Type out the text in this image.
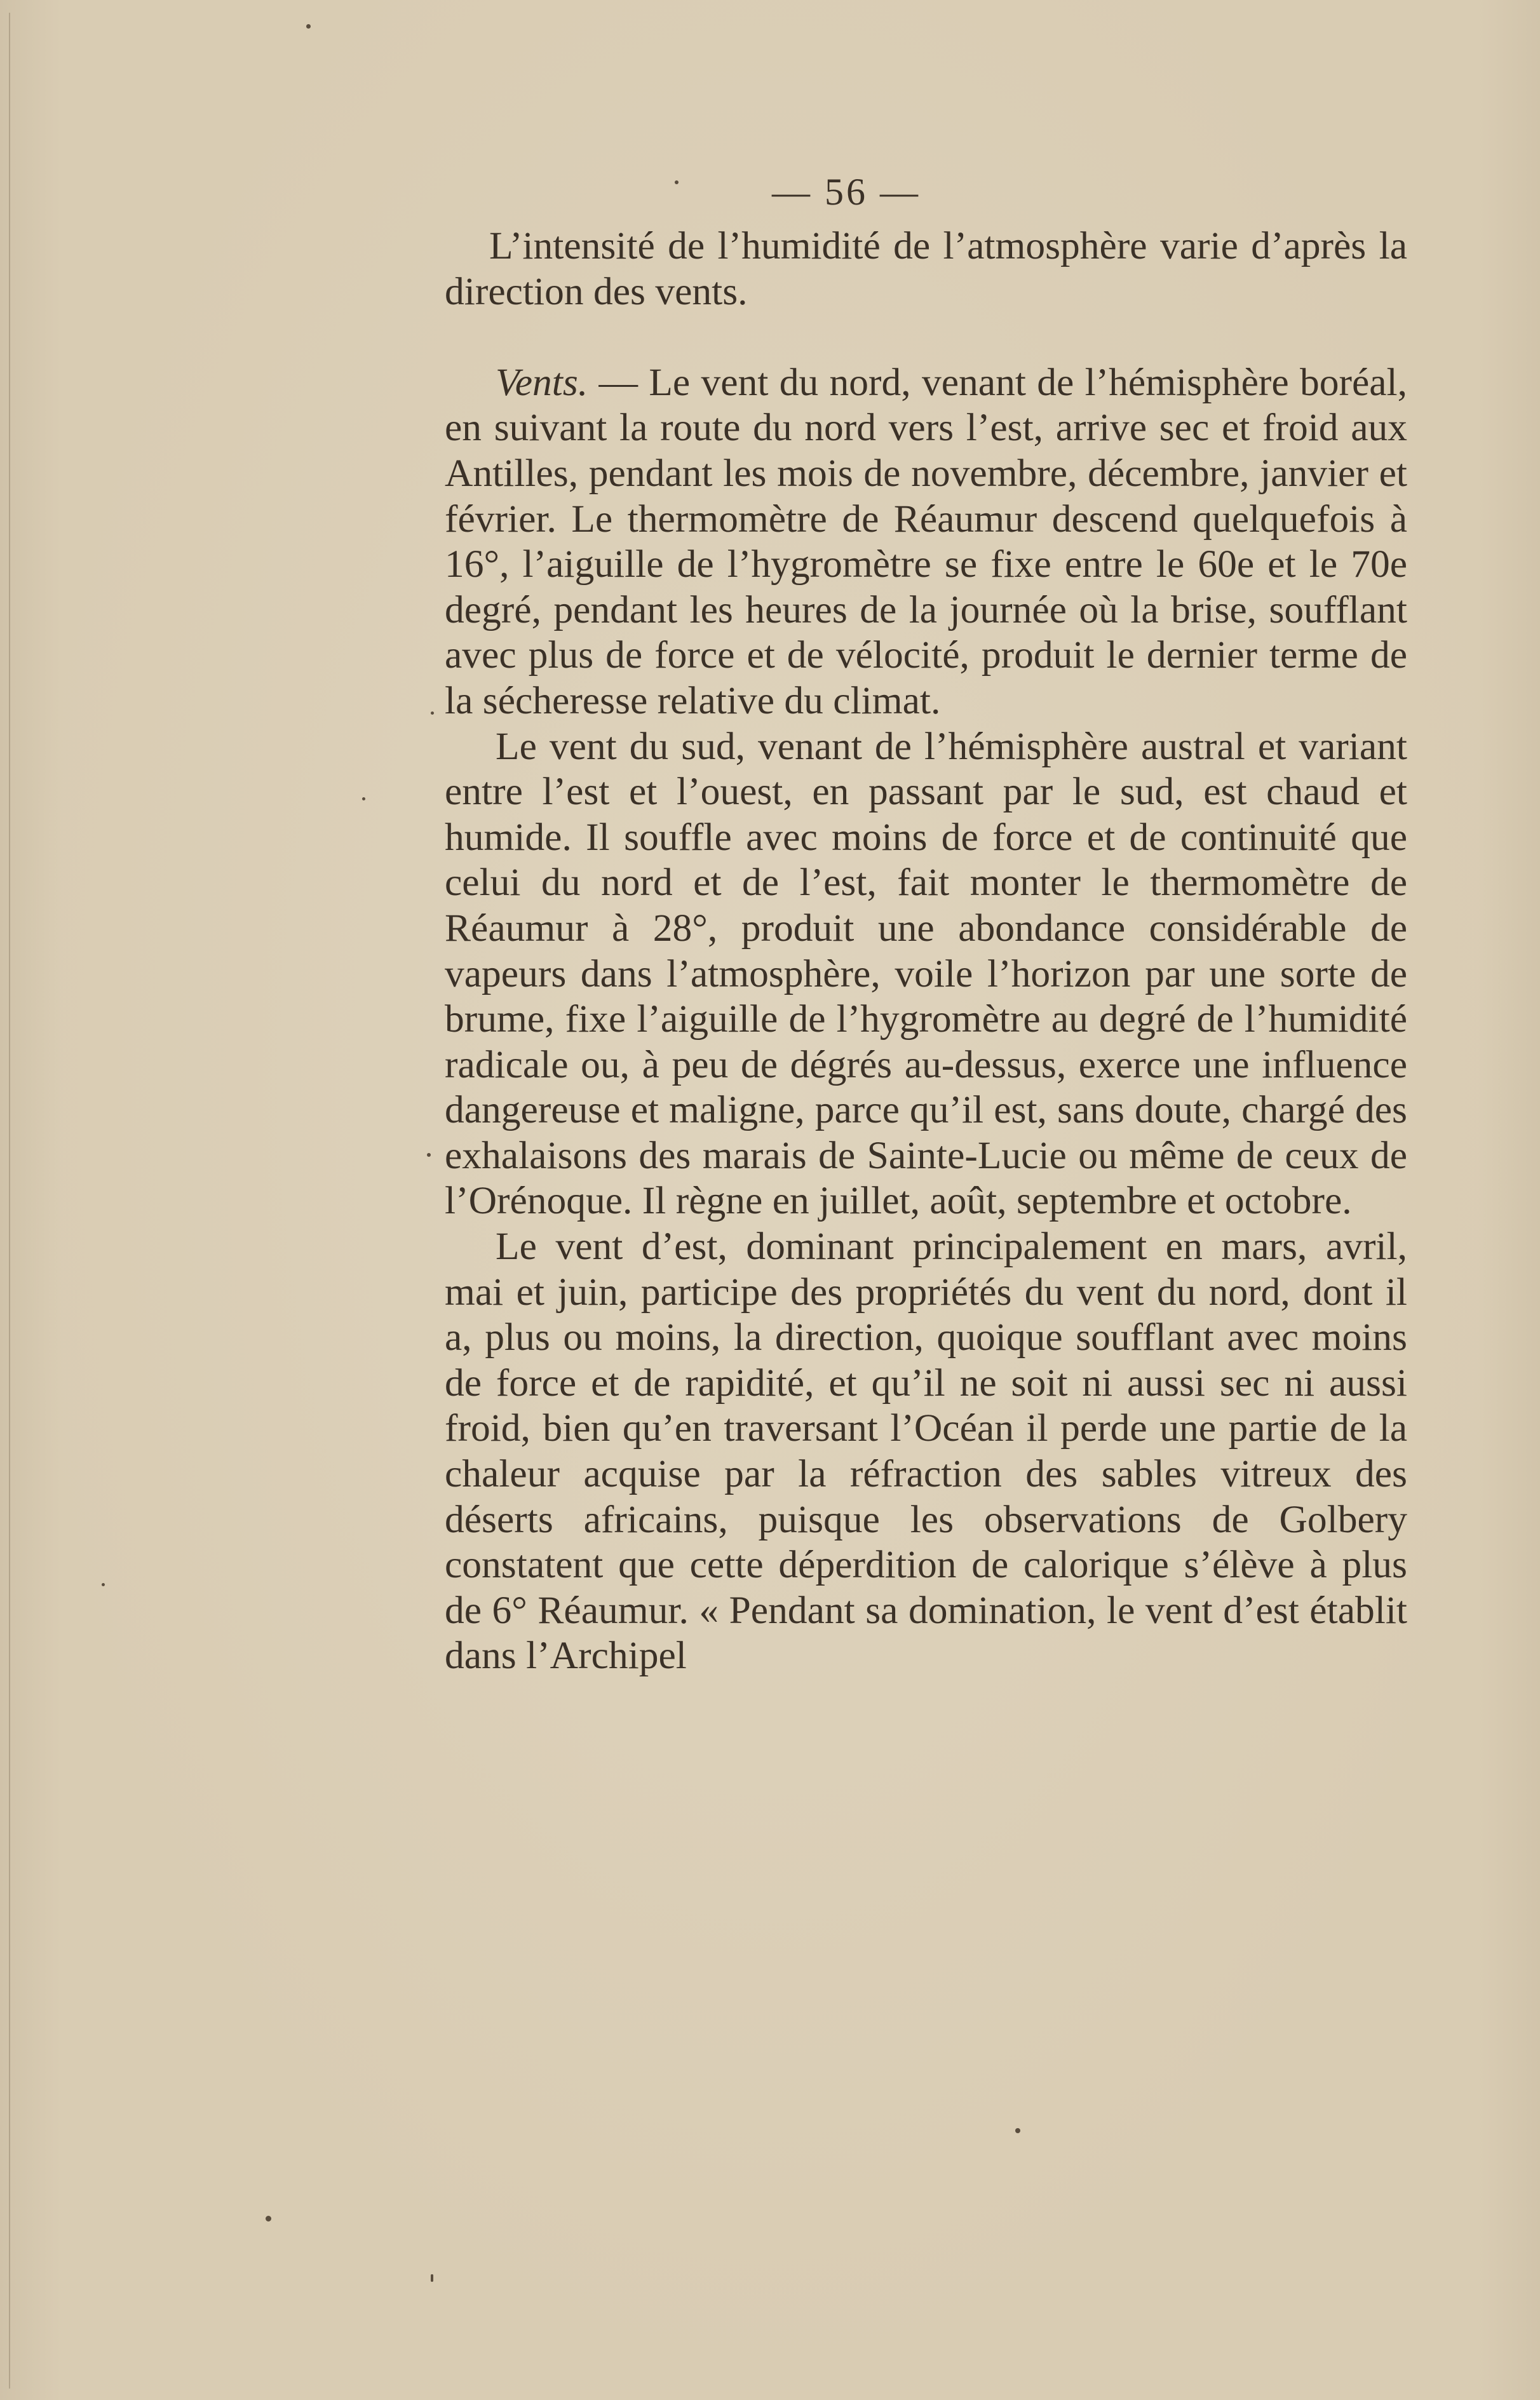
— 56 —

L’intensité de l’humidité de l’atmosphère varie d’après la direction des vents.

Vents. — Le vent du nord, venant de l’hémisphère boréal, en suivant la route du nord vers l’est, arrive sec et froid aux Antilles, pendant les mois de novembre, décembre, janvier et février. Le thermomètre de Réaumur descend quelquefois à 16°, l’aiguille de l’hygromètre se fixe entre le 60e et le 70e degré, pendant les heures de la journée où la brise, soufflant avec plus de force et de vélocité, produit le dernier terme de la sécheresse relative du climat.

Le vent du sud, venant de l’hémisphère austral et variant entre l’est et l’ouest, en passant par le sud, est chaud et humide. Il souffle avec moins de force et de continuité que celui du nord et de l’est, fait monter le thermomètre de Réaumur à 28°, produit une abondance considérable de vapeurs dans l’atmosphère, voile l’horizon par une sorte de brume, fixe l’aiguille de l’hygromètre au degré de l’humidité radicale ou, à peu de dégrés au-dessus, exerce une influence dangereuse et maligne, parce qu’il est, sans doute, chargé des exhalaisons des marais de Sainte-Lucie ou même de ceux de l’Orénoque. Il règne en juillet, août, septembre et octobre.

Le vent d’est, dominant principalement en mars, avril, mai et juin, participe des propriétés du vent du nord, dont il a, plus ou moins, la direction, quoique soufflant avec moins de force et de rapidité, et qu’il ne soit ni aussi sec ni aussi froid, bien qu’en traversant l’Océan il perde une partie de la chaleur acquise par la réfraction des sables vitreux des déserts africains, puisque les observations de Golbery constatent que cette déperdition de calorique s’élève à plus de 6° Réaumur. « Pendant sa domination, le vent d’est établit dans l’Archipel
